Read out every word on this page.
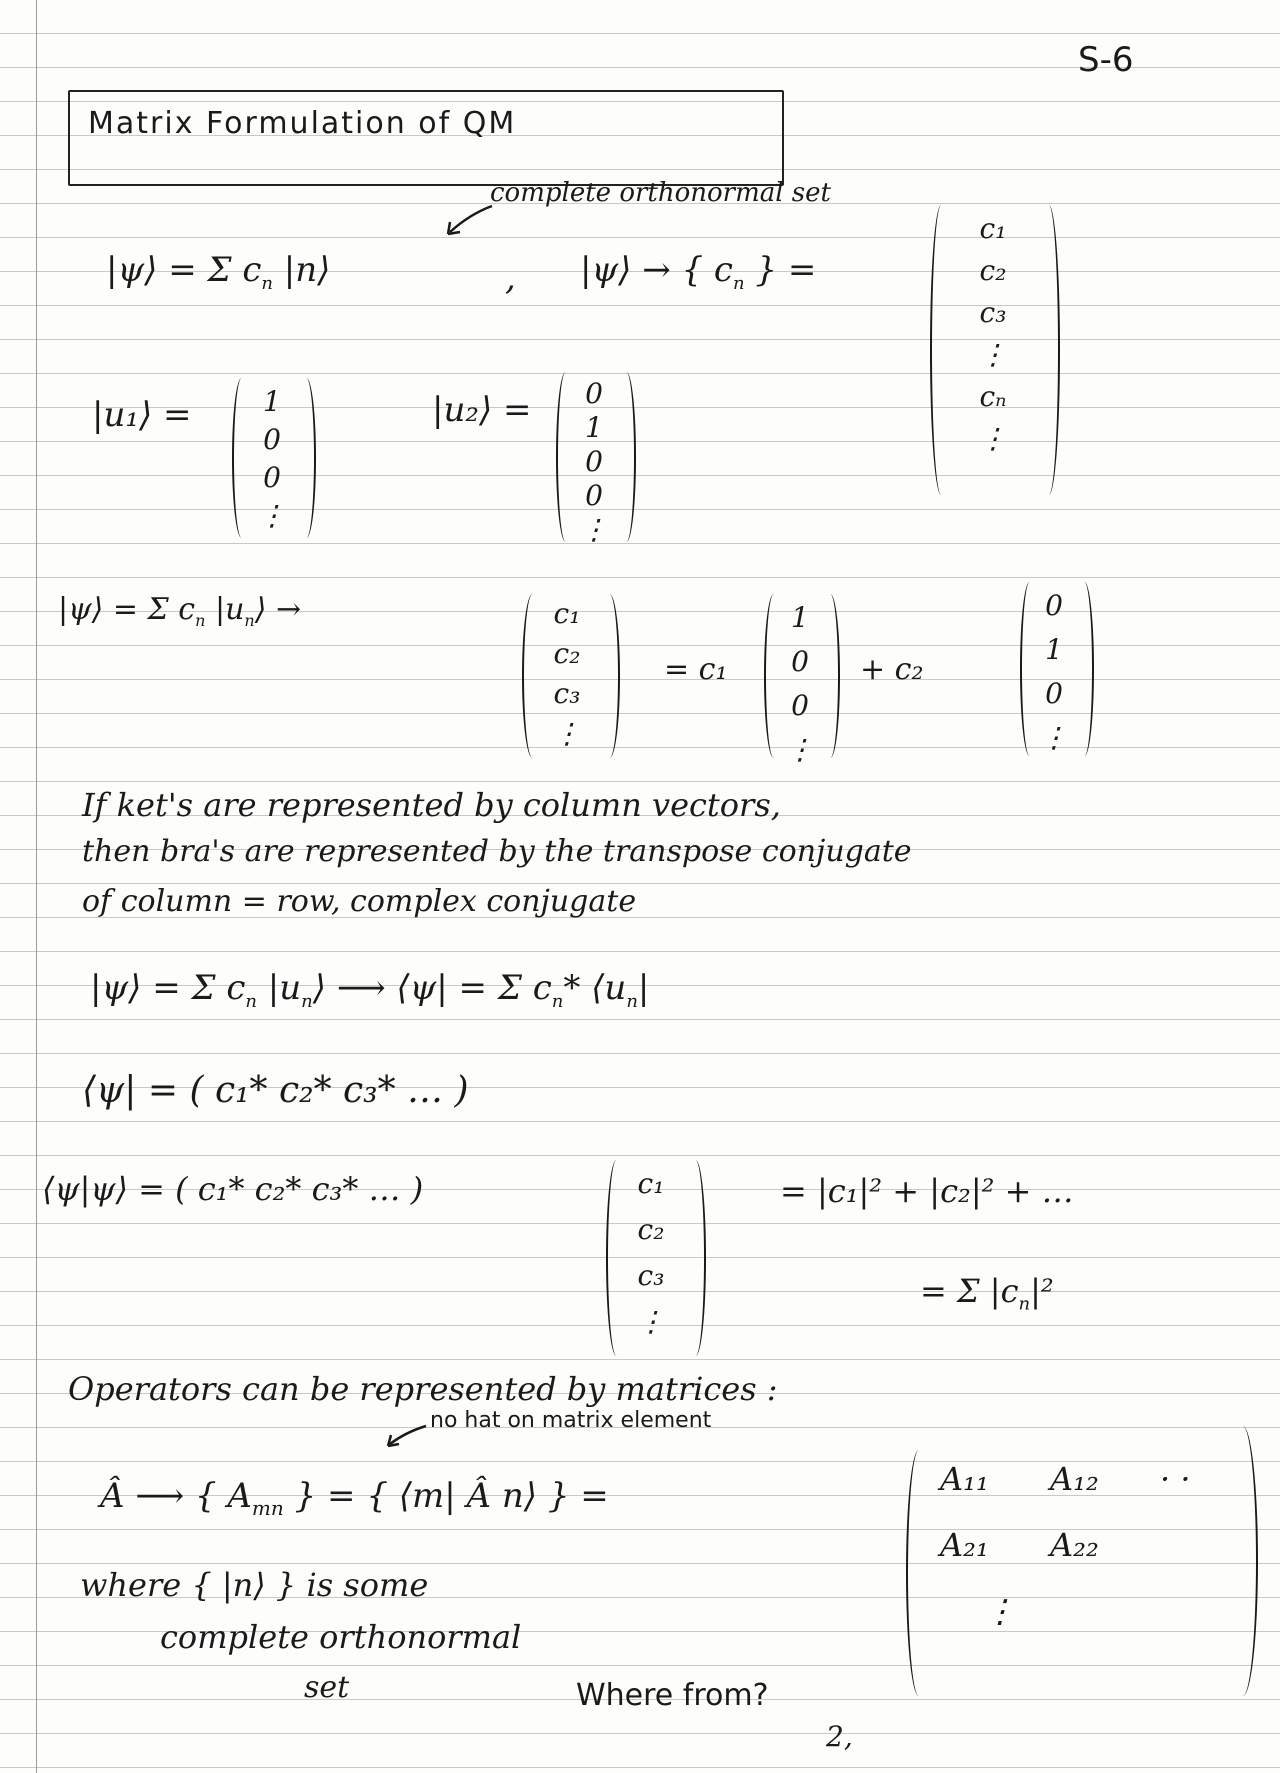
S-6
Matrix Formulation of QM
complete orthonormal set
|ψ⟩ = Σ $c_n$ |n⟩	, |ψ⟩ → { $c_n$ } =
c₁
c₂
c₃
⋮
cₙ
⋮
|u₁⟩ =	1
0
0
⋮
|u₂⟩ = 0
1
0
0
⋮
|ψ⟩ = Σ $c_n$ $|u_n⟩$ →	c₁
c₂
c₃
⋮
= c₁
1
0
0
⋮
+ c₂
0
1
0
⋮
If ket's are represented by column vectors,
then bra's are represented by the transpose conjugate
of column = row, complex conjugate
|ψ⟩ = Σ $c_n$ $|u_n⟩$ ⟶ ⟨ψ| = Σ $c_n*$ $⟨u_n|$
⟨ψ| = ( c₁* c₂* c₃* … )
⟨ψ|ψ⟩ = ( c₁* c₂* c₃* … )	c₁
c₂
c₃
⋮
= |c₁|² + |c₂|² + …
= Σ $|c_n|^2$
Operators can be represented by matrices :
no hat on matrix element
Â ⟶ { $A_{mn}$ } = { ⟨m| Â n⟩ } =	A₁₁	A₁₂	· ·
A₂₁	A₂₂
⋮
where { |n⟩ } is some
complete orthonormal
set	Where from?
2,
